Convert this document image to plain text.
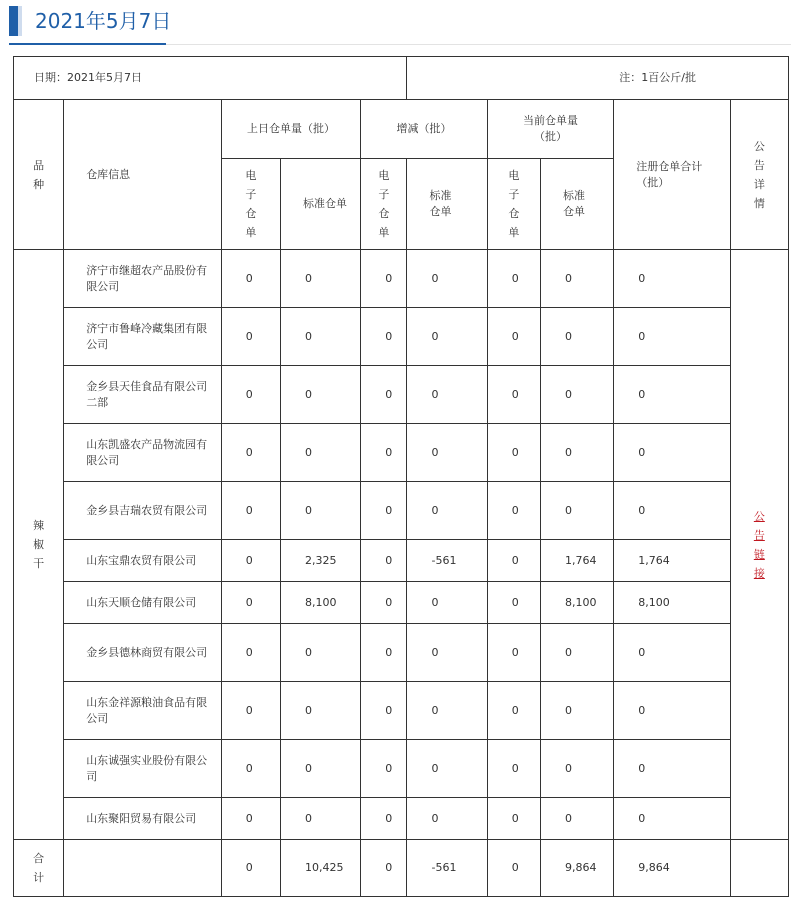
2021年5月7日
日期：2021年5月7日					注：1百公斤/批				

品种	仓库信息	上日仓单量（批）		增减（批）		当前仓单量（批）		注册仓单合计（批）	公告详情

		电子仓单	标准仓单	电子仓单	标准仓单	电子仓单	标准仓单		

辣椒干	济宁市继超农产品股份有限公司	0	0	0	0	0	0	0	公告链接

	济宁市鲁峰冷藏集团有限公司	0	0	0	0	0	0	0	
	金乡县天佳食品有限公司二部	0	0	0	0	0	0	0	
	山东凯盛农产品物流园有限公司	0	0	0	0	0	0	0	
	金乡县吉瑞农贸有限公司	0	0	0	0	0	0	0	
	山东宝鼎农贸有限公司	0	2,325	0	-561	0	1,764	1,764	
	山东天顺仓储有限公司	0	8,100	0	0	0	8,100	8,100	
	金乡县德林商贸有限公司	0	0	0	0	0	0	0	
	山东金祥源粮油食品有限公司	0	0	0	0	0	0	0	
	山东诚强实业股份有限公司	0	0	0	0	0	0	0	
	山东聚阳贸易有限公司	0	0	0	0	0	0	0	

合计		0	10,425	0	-561	0	9,864	9,864	
